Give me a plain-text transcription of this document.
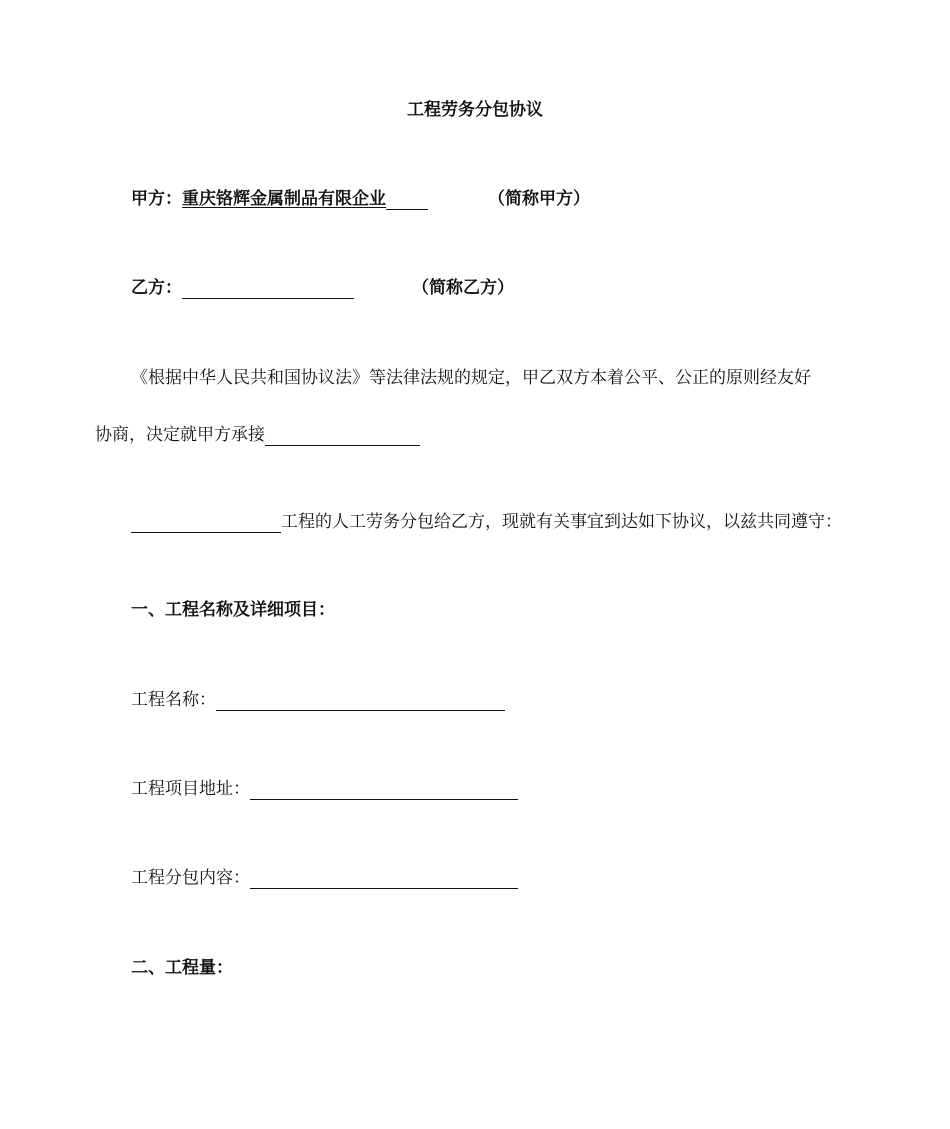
工程劳务分包协议
甲方：重庆铬辉金属制品有限企业	（简称甲方）
乙方：	（简称乙方）
《根据中华人民共和国协议法》等法律法规的规定，甲乙双方本着公平、公正的原则经友好
协商，决定就甲方承接
工程的人工劳务分包给乙方，现就有关事宜到达如下协议，以兹共同遵守：
一、工程名称及详细项目：
工程名称：
工程项目地址：
工程分包内容：
二、工程量：
